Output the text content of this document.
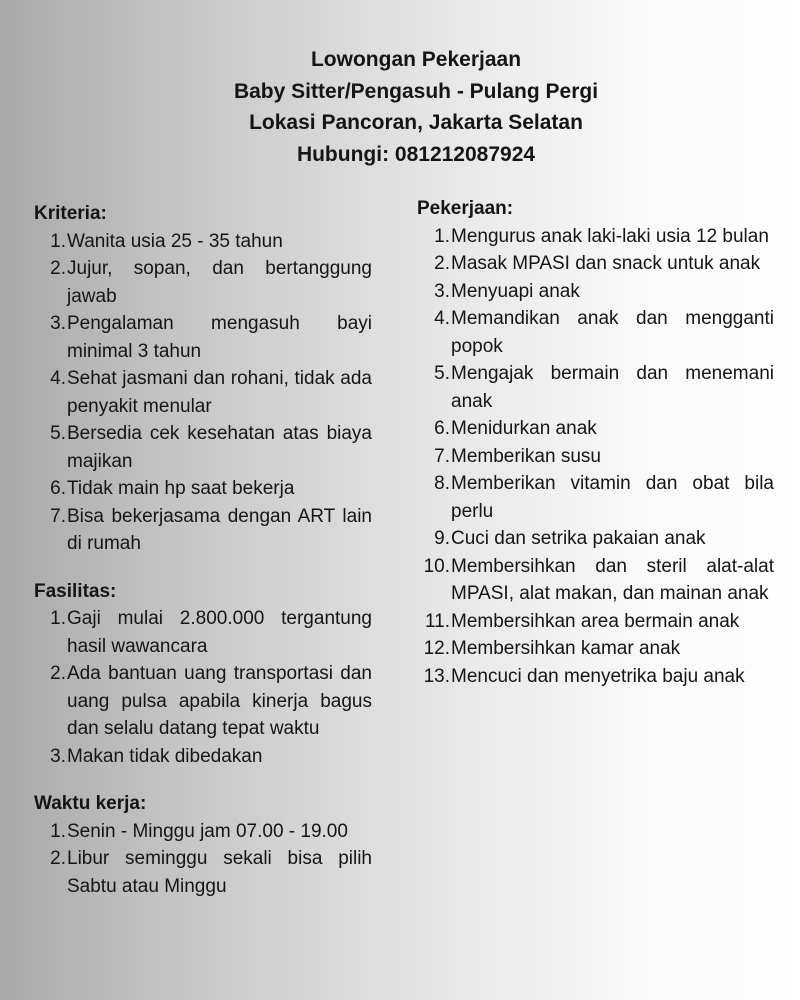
Lowongan Pekerjaan
Baby Sitter/Pengasuh - Pulang Pergi
Lokasi Pancoran, Jakarta Selatan
Hubungi: 081212087924
Kriteria:
1. Wanita usia 25 - 35 tahun
2. Jujur, sopan, dan bertanggung jawab
3. Pengalaman mengasuh bayi minimal 3 tahun
4. Sehat jasmani dan rohani, tidak ada penyakit menular
5. Bersedia cek kesehatan atas biaya majikan
6. Tidak main hp saat bekerja
7. Bisa bekerjasama dengan ART lain di rumah
Fasilitas:
1. Gaji mulai 2.800.000 tergantung hasil wawancara
2. Ada bantuan uang transportasi dan uang pulsa apabila kinerja bagus dan selalu datang tepat waktu
3. Makan tidak dibedakan
Waktu kerja:
1. Senin - Minggu jam 07.00 - 19.00
2. Libur seminggu sekali bisa pilih Sabtu atau Minggu
Pekerjaan:
1. Mengurus anak laki-laki usia 12 bulan
2. Masak MPASI dan snack untuk anak
3. Menyuapi anak
4. Memandikan anak dan mengganti popok
5. Mengajak bermain dan menemani anak
6. Menidurkan anak
7. Memberikan susu
8. Memberikan vitamin dan obat bila perlu
9. Cuci dan setrika pakaian anak
10. Membersihkan dan steril alat-alat MPASI, alat makan, dan mainan anak
11. Membersihkan area bermain anak
12. Membersihkan kamar anak
13. Mencuci dan menyetrika baju anak
